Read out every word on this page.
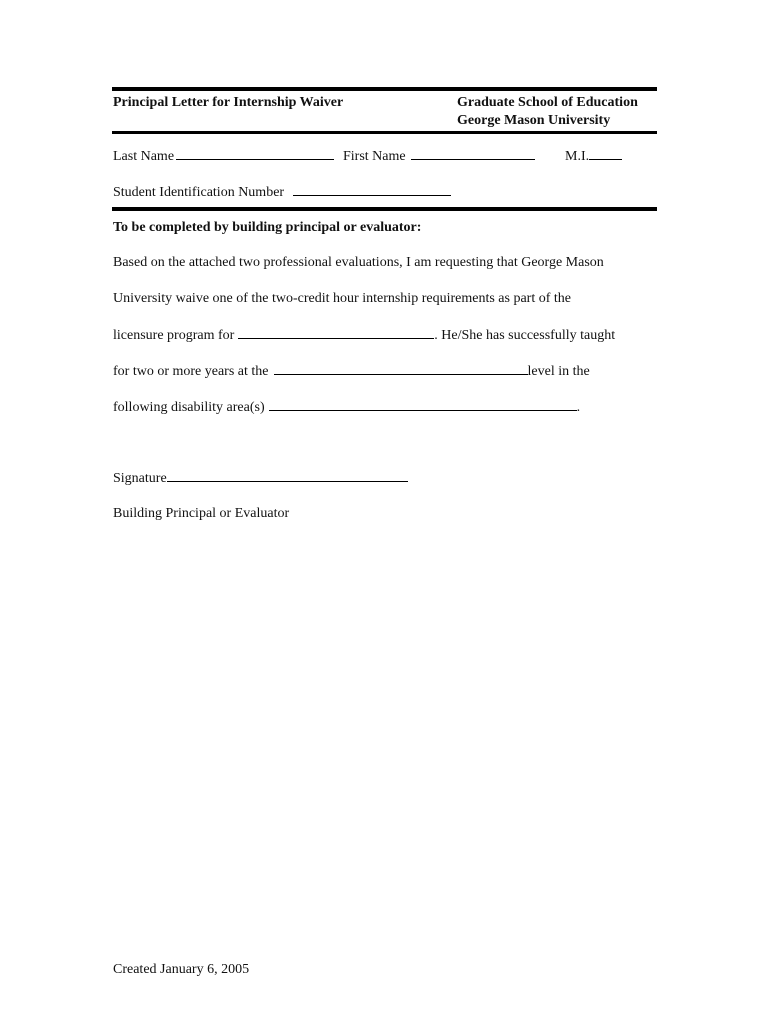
Principal Letter for Internship Waiver	Graduate School of Education
George Mason University
Last Name	First Name	M.I.
Student Identification Number
To be completed by building principal or evaluator:
Based on the attached two professional evaluations, I am requesting that George Mason
University waive one of the two-credit hour internship requirements as part of the
licensure program for	. He/She has successfully taught
for two or more years at the	level in the
following disability area(s)	.
Signature
Building Principal or Evaluator
Created January 6, 2005
